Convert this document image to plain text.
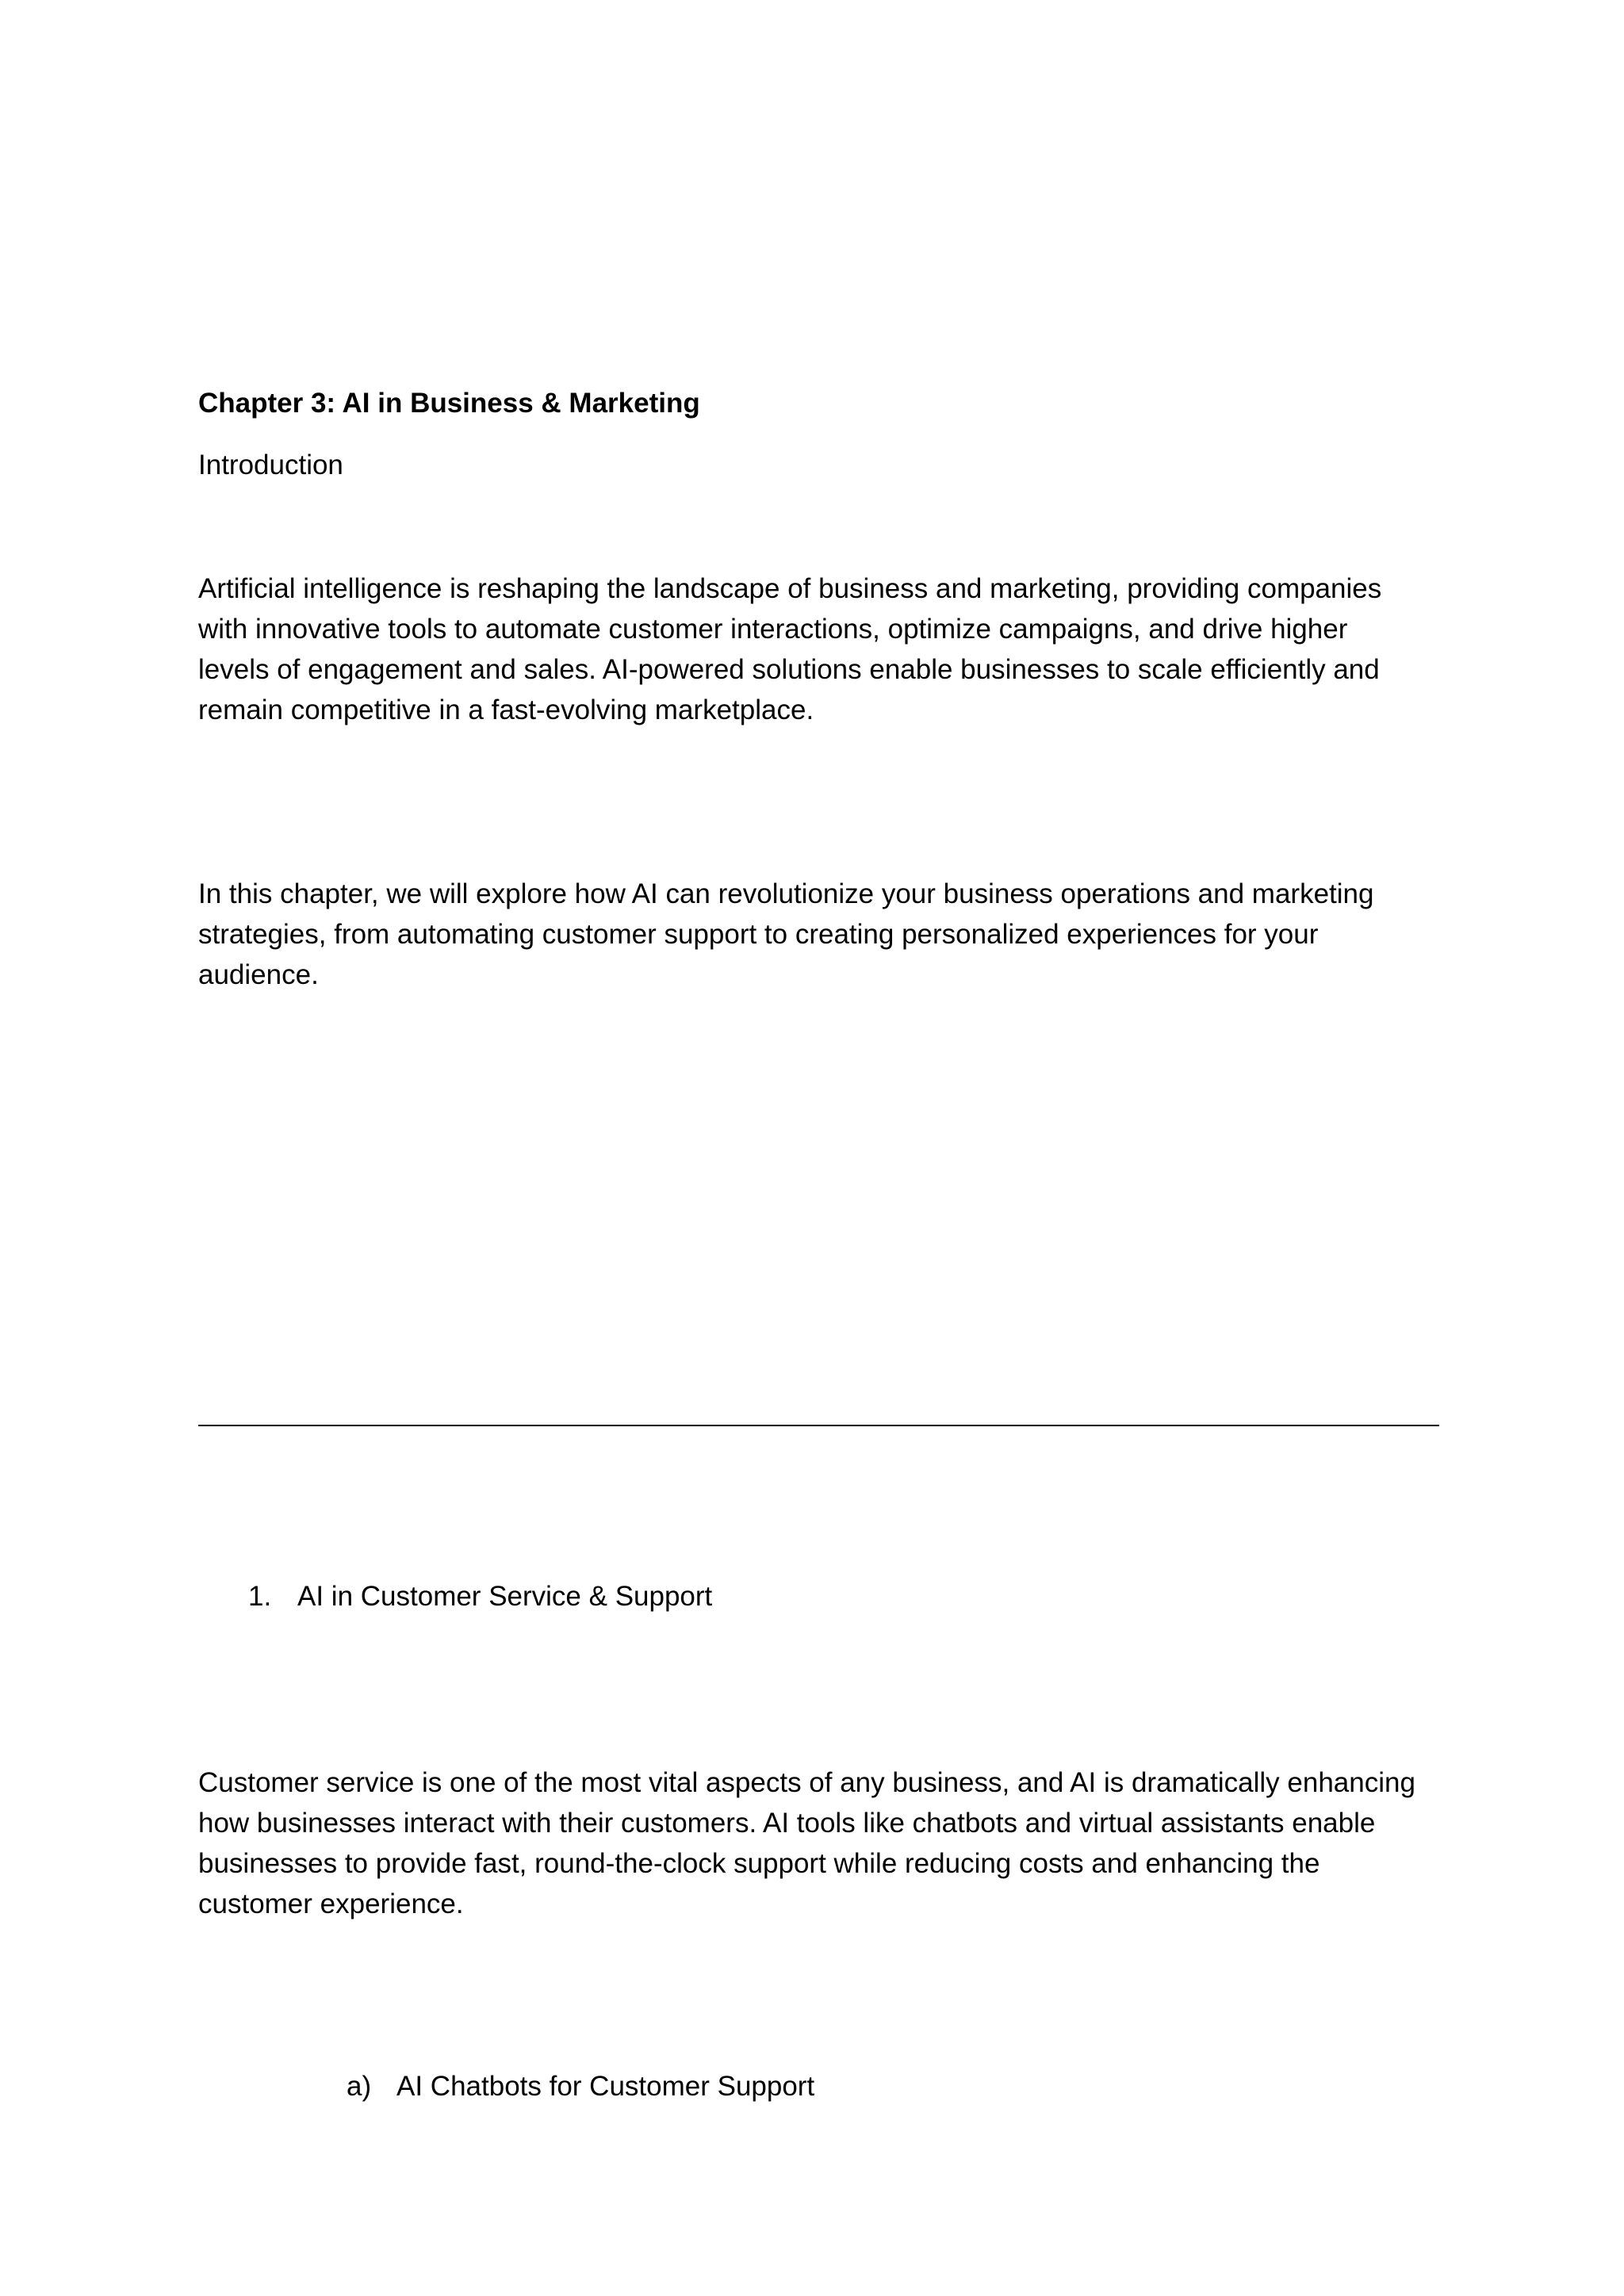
Chapter 3: AI in Business & Marketing

Introduction

Artificial intelligence is reshaping the landscape of business and marketing, providing companies with innovative tools to automate customer interactions, optimize campaigns, and drive higher levels of engagement and sales. AI-powered solutions enable businesses to scale efficiently and remain competitive in a fast-evolving marketplace.

In this chapter, we will explore how AI can revolutionize your business operations and marketing strategies, from automating customer support to creating personalized experiences for your audience.

1. AI in Customer Service & Support

Customer service is one of the most vital aspects of any business, and AI is dramatically enhancing how businesses interact with their customers. AI tools like chatbots and virtual assistants enable businesses to provide fast, round-the-clock support while reducing costs and enhancing the customer experience.

a) AI Chatbots for Customer Support
